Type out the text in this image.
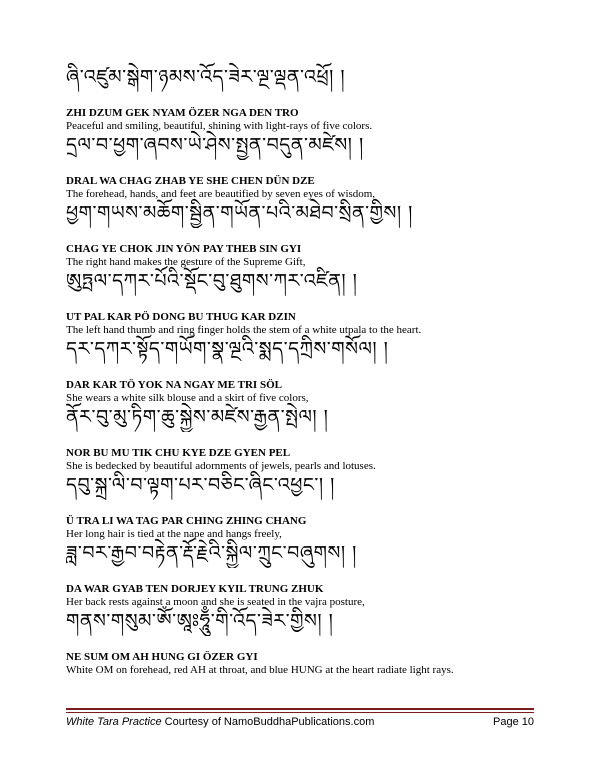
ཞི་འཛུམ་སྒེག་ཉམས་འོད་ཟེར་ལྔ་ལྡན་འཕྲོ། །
ZHI DZUM GEK NYAM ÖZER NGA DEN TRO
Peaceful and smiling, beautiful, shining with light-rays of five colors.
དྲལ་བ་ཕྱག་ཞབས་ཡེ་ཤེས་སྤྱན་བདུན་མཛེས། །
DRAL WA CHAG ZHAB YE SHE CHEN DÜN DZE
The forehead, hands, and feet are beautified by seven eyes of wisdom,
ཕྱག་གཡས་མཆོག་སྦྱིན་གཡོན་པའི་མཐེབ་སྲིན་གྱིས། །
CHAG YE CHOK JIN YÖN PAY THEB SIN GYI
The right hand makes the gesture of the Supreme Gift,
ཨུཏྤལ་དཀར་པོའི་སྡོང་བུ་ཐུགས་ཀར་འཛིན། །
UT PAL KAR PÖ DONG BU THUG KAR DZIN
The left hand thumb and ring finger holds the stem of a white utpala to the heart.
དར་དཀར་སྟོད་གཡོག་སྣ་ལྔའི་སྨད་དཀྲིས་གསོལ། །
DAR KAR TÖ YOK NA NGAY ME TRI SÖL
She wears a white silk blouse and a skirt of five colors,
ནོར་བུ་མུ་ཏིག་ཆུ་སྐྱེས་མཛེས་རྒྱན་སྤེལ། །
NOR BU MU TIK CHU KYE DZE GYEN PEL
She is bedecked by beautiful adornments of jewels, pearls and lotuses.
དབུ་སྐྲ་ལི་བ་ལྟག་པར་བཅིང་ཞིང་འཕྱང་། །
Ü TRA LI WA TAG PAR CHING ZHING CHANG
Her long hair is tied at the nape and hangs freely,
ཟླ་བར་རྒྱབ་བརྟེན་རྡོ་རྗེའི་སྐྱིལ་ཀྲུང་བཞུགས། །
DA WAR GYAB TEN DORJEY KYIL TRUNG ZHUK
Her back rests against a moon and she is seated in the vajra posture,
གནས་གསུམ་ཨོཾ་ཨཱཿཧཱུྃ་གི་འོད་ཟེར་གྱིས། །
NE SUM OM AH HUNG GI ÖZER GYI
White OM on forehead, red AH at throat, and blue HUNG at the heart radiate light rays.
White Tara Practice Courtesy of NamoBuddhaPublications.com	Page 10
